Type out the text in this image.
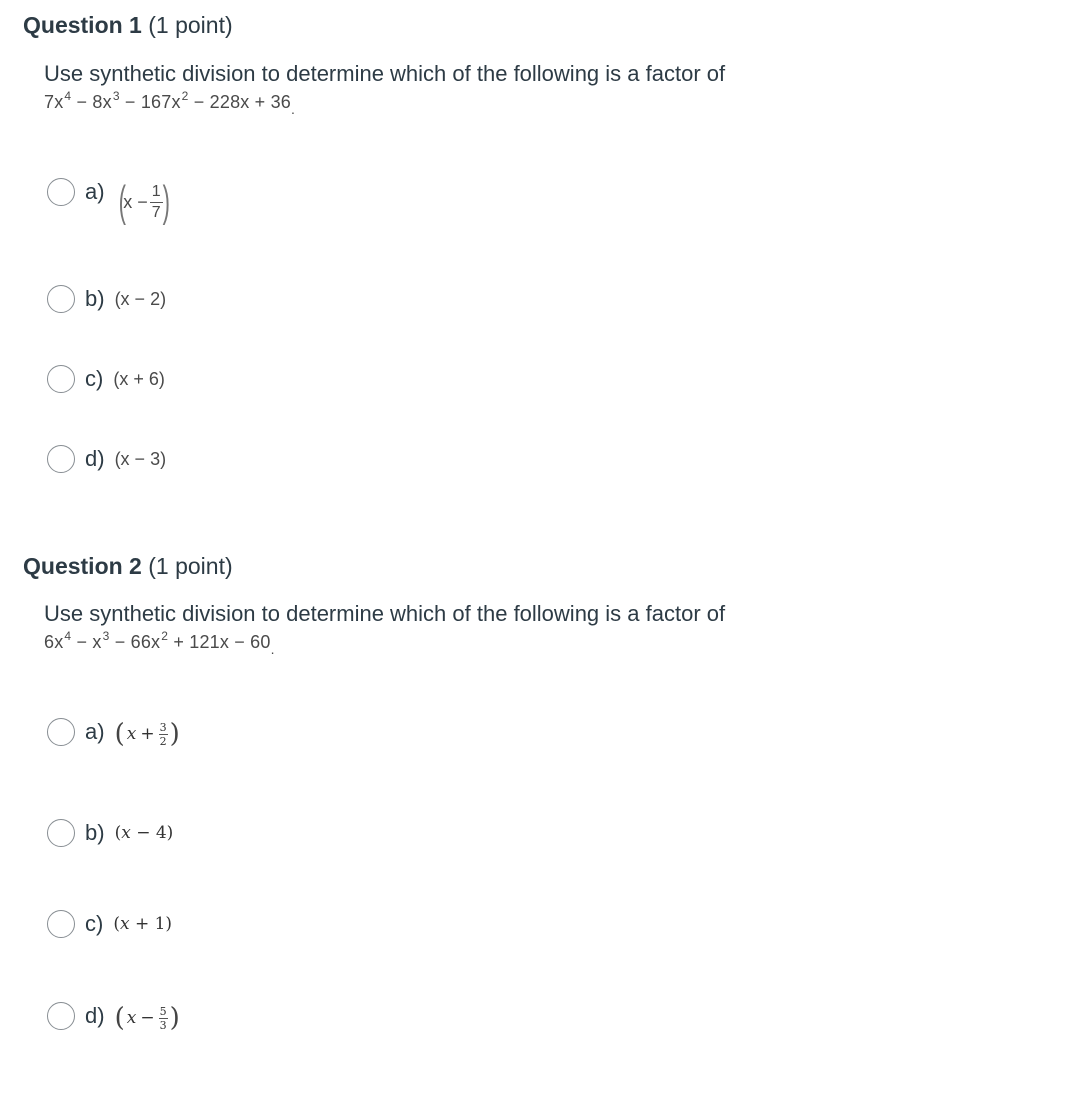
Question 1 (1 point)
Use synthetic division to determine which of the following is a factor of
$7x^4 - 8x^3 - 167x^2 - 228x + 36_.$
a) (
$x - \frac{1}{7}$ )
b) (x − 2)
c) (x + 6)
d) (x − 3)
Question 2 (1 point)
Use synthetic division to determine which of the following is a factor of
$6x^4 - x^3 - 66x^2 + 121x - 60_.$
a) ( $x + \frac{3}{2}$ )
b) (x − 4)
c) (x + 1)
d) ( $x - \frac{5}{3}$ )
